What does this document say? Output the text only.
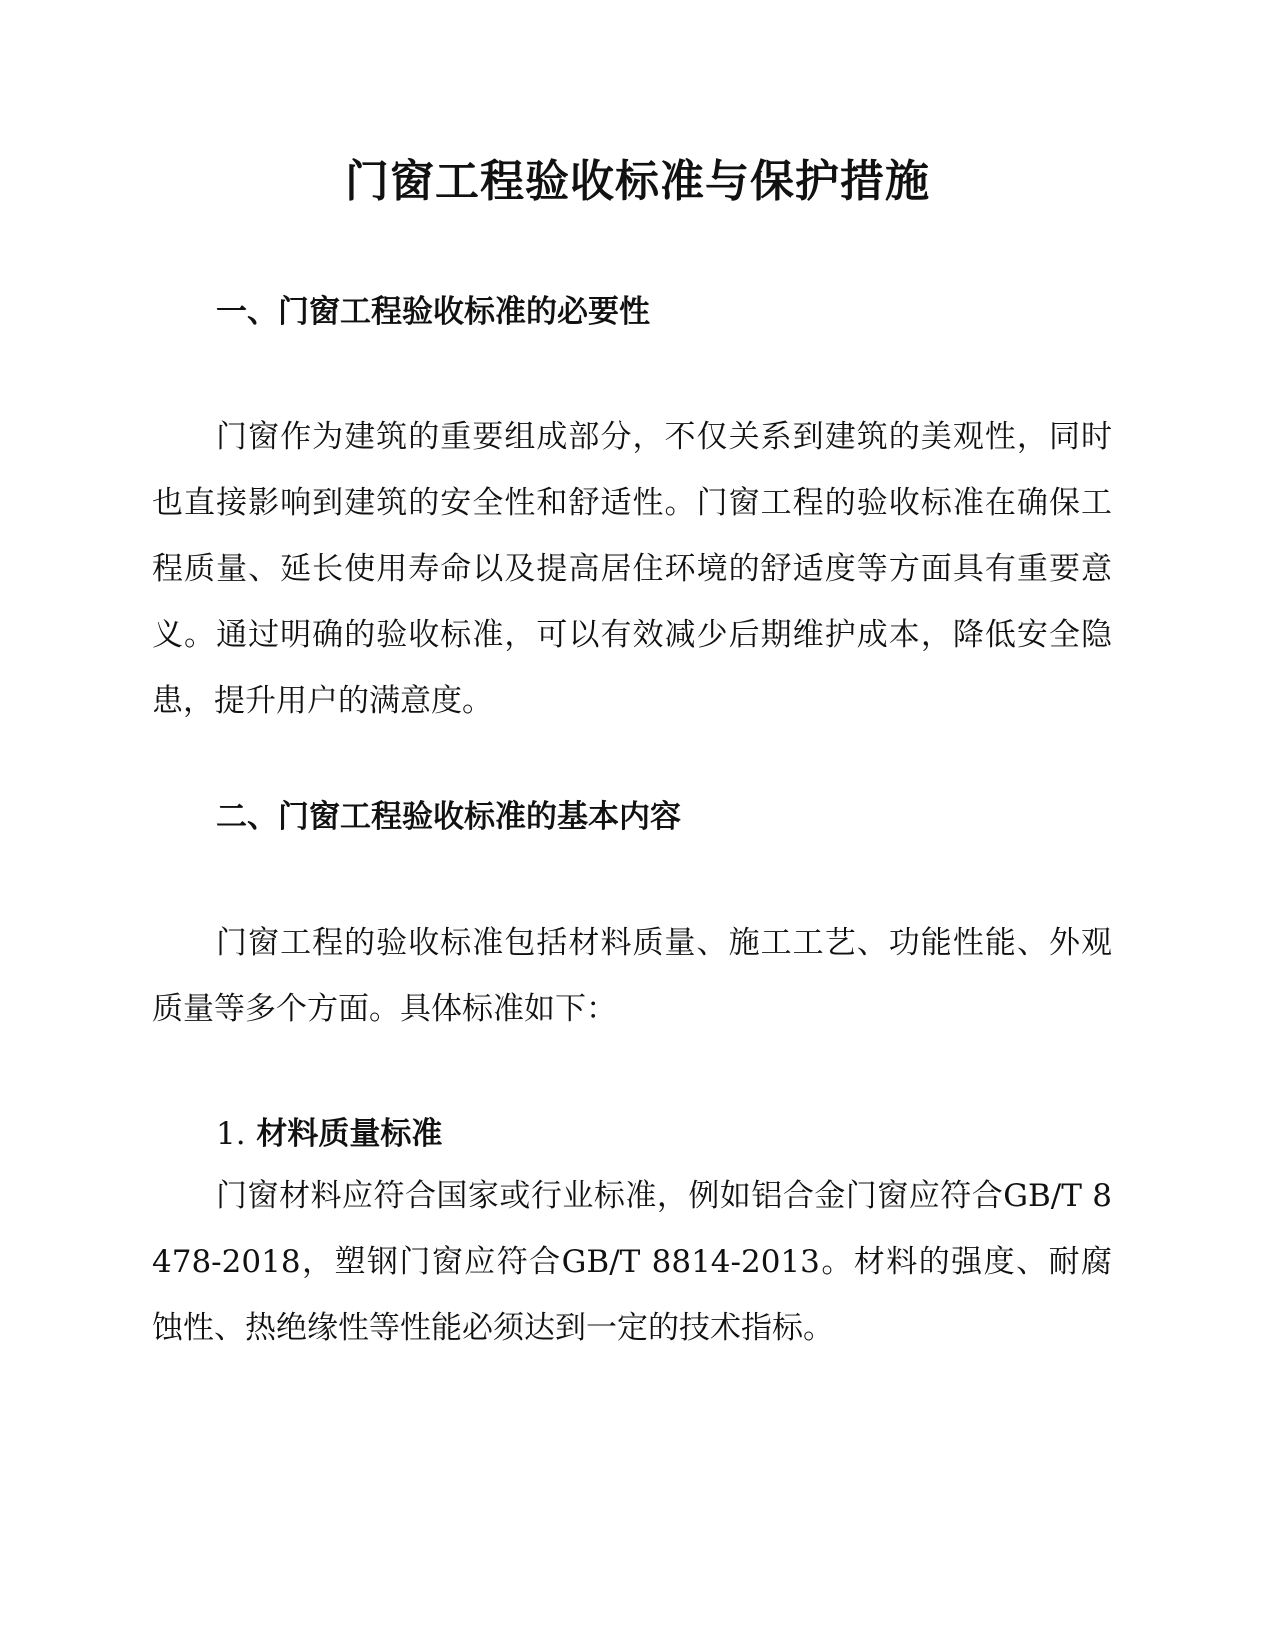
门窗工程验收标准与保护措施
一、门窗工程验收标准的必要性

门窗作为建筑的重要组成部分，不仅关系到建筑的美观性，同时也直接影响到建筑的安全性和舒适性。门窗工程的验收标准在确保工程质量、延长使用寿命以及提高居住环境的舒适度等方面具有重要意义。通过明确的验收标准，可以有效减少后期维护成本，降低安全隐患，提升用户的满意度。

二、门窗工程验收标准的基本内容

门窗工程的验收标准包括材料质量、施工工艺、功能性能、外观质量等多个方面。具体标准如下：

1. 材料质量标准

门窗材料应符合国家或行业标准，例如铝合金门窗应符合GB/T 8478-2018，塑钢门窗应符合GB/T 8814-2013。材料的强度、耐腐蚀性、热绝缘性等性能必须达到一定的技术指标。
